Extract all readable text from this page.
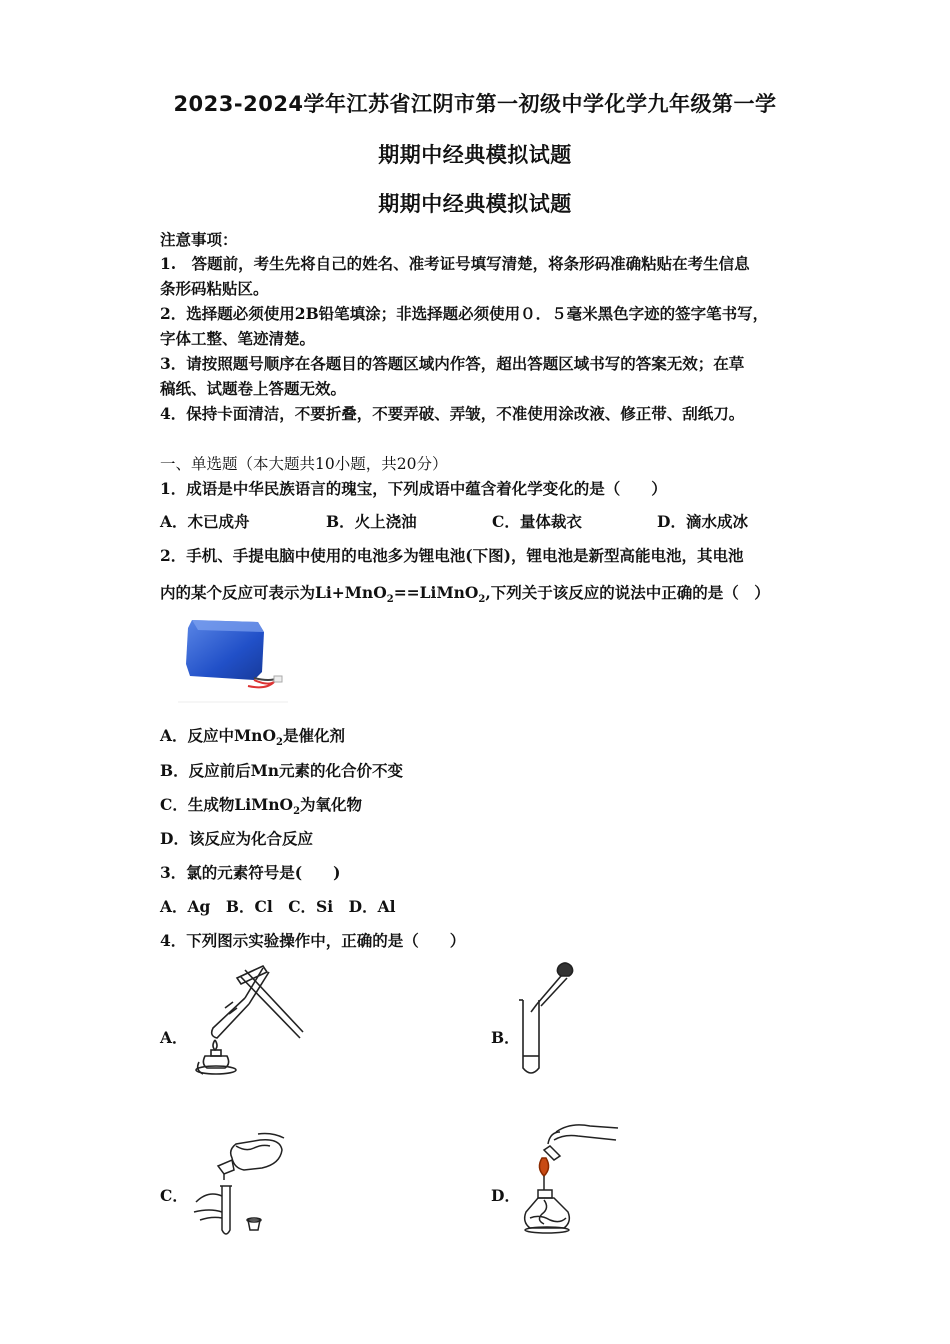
2023-2024学年江苏省江阴市第一初级中学化学九年级第一学
期期中经典模拟试题
期期中经典模拟试题
注意事项：
1.　答题前，考生先将自己的姓名、准考证号填写清楚，将条形码准确粘贴在考生信息
条形码粘贴区。
2．选择题必须使用2B铅笔填涂；非选择题必须使用０．５毫米黑色字迹的签字笔书写，
字体工整、笔迹清楚。
3．请按照题号顺序在各题目的答题区域内作答，超出答题区域书写的答案无效；在草
稿纸、试题卷上答题无效。
4．保持卡面清洁，不要折叠，不要弄破、弄皱，不准使用涂改液、修正带、刮纸刀。
一、单选题（本大题共10小题，共20分）
1．成语是中华民族语言的瑰宝，下列成语中蕴含着化学变化的是（　　）
A．木已成舟	B．火上浇油	C．量体裁衣	D．滴水成冰
2．手机、手提电脑中使用的电池多为锂电池(下图)，锂电池是新型高能电池，其电池
内的某个反应可表示为Li+MnO$_2$==LiMnO$_2$,下列关于该反应的说法中正确的是（　）
A．反应中MnO$_2$是催化剂
B．反应前后Mn元素的化合价不变
C．生成物LiMnO$_2$为氧化物
D．该反应为化合反应
3．氯的元素符号是(　　)
A．Ag　B．Cl　C．Si　D．Al
4．下列图示实验操作中，正确的是（　　）
A．	B．
C．	D．
